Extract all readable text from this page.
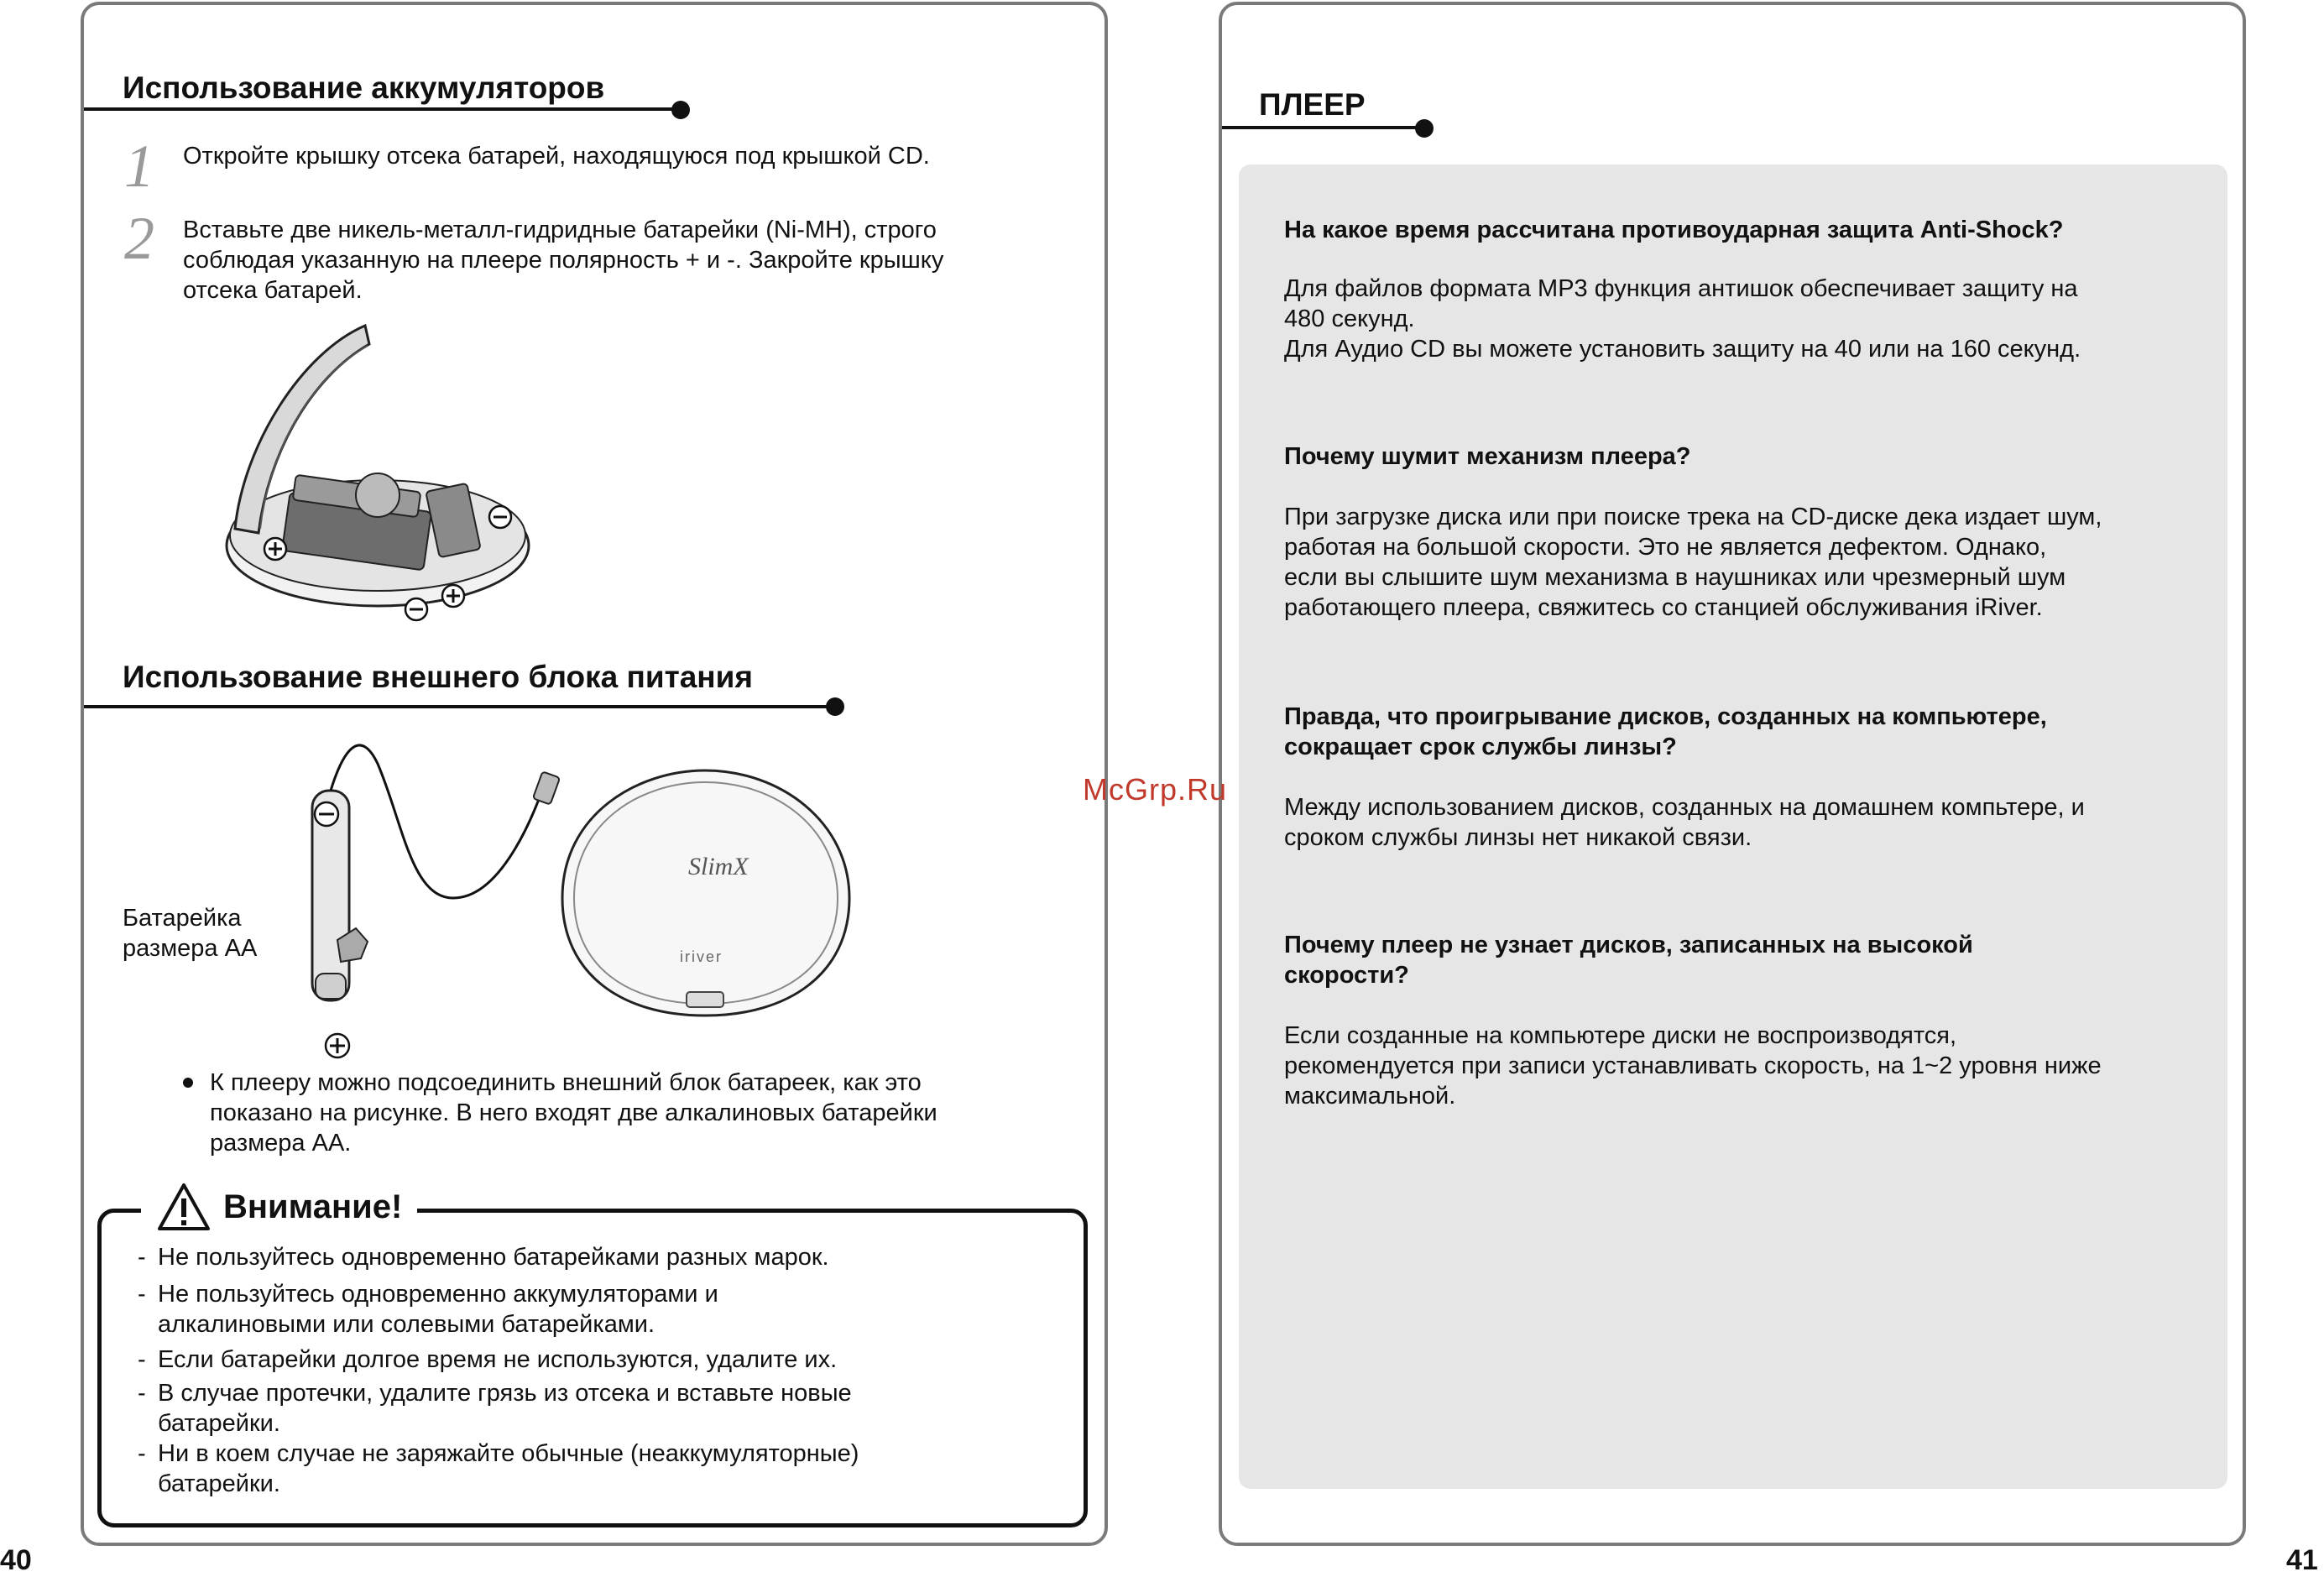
Использование аккумуляторов
1 Откройте крышку отсека батарей, находящуюся под крышкой CD.

2 Вставьте две никель-металл-гидридные батарейки (Ni-MH), строго

соблюдая указанную на плеере полярность + и -. Закройте крышку

отсека батарей.

Использование внешнего блока питания

Батарейка

размера AA

SlimX
iriver

К плееру можно подсоединить внешний блок батареек, как это

показано на рисунке. В него входят две алкалиновых батарейки

размера AA.

Внимание!
- Не пользуйтесь одновременно батарейками разных марок.
- Не пользуйтесь одновременно аккумуляторами и
алкалиновыми или солевыми батарейками.
- Если батарейки долгое время не используются, удалите их.
- В случае протечки, удалите грязь из отсека и вставьте новые
батарейки.
- Ни в коем случае не заряжайте обычные (неаккумуляторные)
батарейки.
40
ПЛЕЕР

На какое время рассчитана противоударная защита Anti-Shock?

Для файлов формата MP3 функция антишок обеспечивает защиту на

480 секунд.

Для Аудио CD вы можете установить защиту на 40 или на 160 секунд.

Почему шумит механизм плеера?

При загрузке диска или при поиске трека на CD-диске дека издает шум,

работая на большой скорости. Это не является дефектом. Однако,

если вы слышите шум механизма в наушниках или чрезмерный шум

работающего плеера, свяжитесь со станцией обслуживания iRiver.

Правда, что проигрывание дисков, созданных на компьютере,

сокращает срок службы линзы?

Между использованием дисков, созданных на домашнем компьтере, и

сроком службы линзы нет никакой связи.

Почему плеер не узнает дисков, записанных на высокой

скорости?

Если созданные на компьютере диски не воспроизводятся,

рекомендуется при записи устанавливать скорость, на 1~2 уровня ниже

максимальной.

41
McGrp.Ru
